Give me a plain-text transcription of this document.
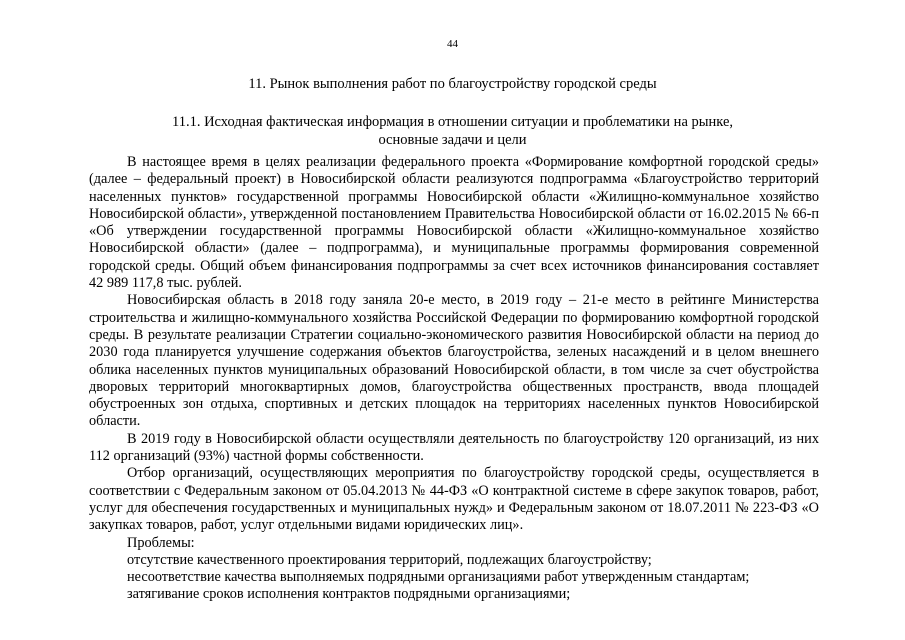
44
11. Рынок выполнения работ по благоустройству городской среды
11.1. Исходная фактическая информация в отношении ситуации и проблематики на рынке,
основные задачи и цели

В настоящее время в целях реализации федерального проекта «Формирование комфортной городской среды» (далее – федеральный проект) в Новосибирской области реализуются подпрограмма «Благоустройство территорий населенных пунктов» государственной программы Новосибирской области «Жилищно-коммунальное хозяйство Новосибирской области», утвержденной постановлением Правительства Новосибирской области от 16.02.2015 № 66-п «Об утверждении государственной программы Новосибирской области «Жилищно-коммунальное хозяйство Новосибирской области» (далее – подпрограмма), и муниципальные программы формирования современной городской среды. Общий объем финансирования подпрограммы за счет всех источников финансирования составляет 42 989 117,8 тыс. рублей.

Новосибирская область в 2018 году заняла 20-е место, в 2019 году – 21-е место в рейтинге Министерства строительства и жилищно-коммунального хозяйства Российской Федерации по формированию комфортной городской среды. В результате реализации Стратегии социально-экономического развития Новосибирской области на период до 2030 года планируется улучшение содержания объектов благоустройства, зеленых насаждений и в целом внешнего облика населенных пунктов муниципальных образований Новосибирской области, в том числе за счет обустройства дворовых территорий многоквартирных домов, благоустройства общественных пространств, ввода площадей обустроенных зон отдыха, спортивных и детских площадок на территориях населенных пунктов Новосибирской области.

В 2019 году в Новосибирской области осуществляли деятельность по благоустройству 120 организаций, из них 112 организаций (93%) частной формы собственности.

Отбор организаций, осуществляющих мероприятия по благоустройству городской среды, осуществляется в соответствии с Федеральным законом от 05.04.2013 № 44-ФЗ «О контрактной системе в сфере закупок товаров, работ, услуг для обеспечения государственных и муниципальных нужд» и Федеральным законом от 18.07.2011 № 223-ФЗ «О закупках товаров, работ, услуг отдельными видами юридических лиц».

Проблемы:

отсутствие качественного проектирования территорий, подлежащих благоустройству;

несоответствие качества выполняемых подрядными организациями работ утвержденным стандартам;

затягивание сроков исполнения контрактов подрядными организациями;
